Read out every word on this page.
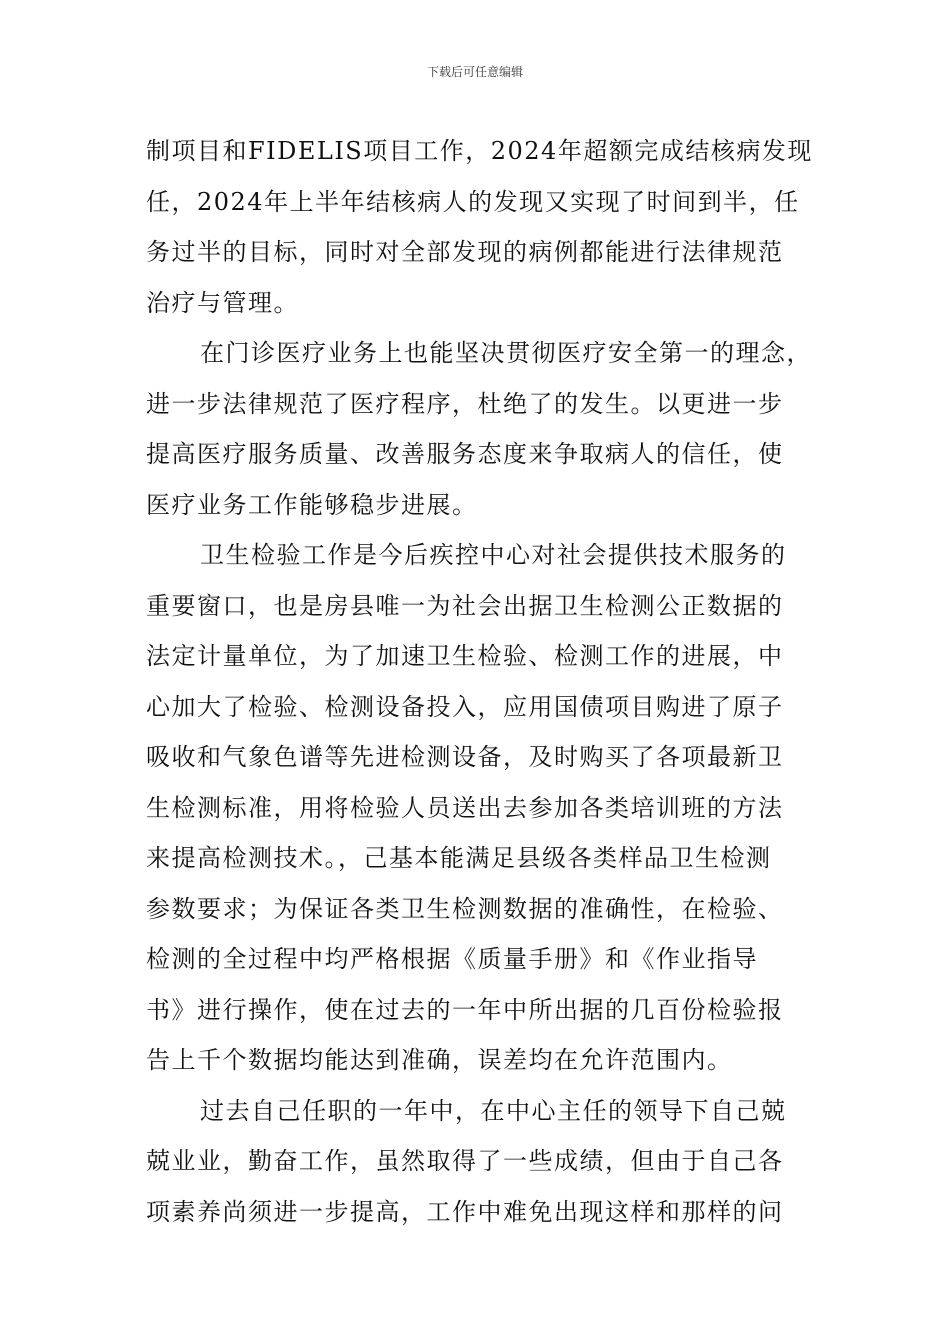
下载后可任意编辑
制项目和FIDELIS项目工作，2024年超额完成结核病发现
任，2024年上半年结核病人的发现又实现了时间到半，任
务过半的目标，同时对全部发现的病例都能进行法律规范
治疗与管理。
在门诊医疗业务上也能坚决贯彻医疗安全第一的理念，
进一步法律规范了医疗程序，杜绝了的发生。以更进一步
提高医疗服务质量、改善服务态度来争取病人的信任，使
医疗业务工作能够稳步进展。
卫生检验工作是今后疾控中心对社会提供技术服务的
重要窗口，也是房县唯一为社会出据卫生检测公正数据的
法定计量单位，为了加速卫生检验、检测工作的进展，中
心加大了检验、检测设备投入，应用国债项目购进了原子
吸收和气象色谱等先进检测设备，及时购买了各项最新卫
生检测标准，用将检验人员送出去参加各类培训班的方法
来提高检测技术。，己基本能满足县级各类样品卫生检测
参数要求；为保证各类卫生检测数据的准确性，在检验、
检测的全过程中均严格根据《质量手册》和《作业指导
书》进行操作，使在过去的一年中所出据的几百份检验报
告上千个数据均能达到准确，误差均在允许范围内。
过去自己任职的一年中，在中心主任的领导下自己兢
兢业业，勤奋工作，虽然取得了一些成绩，但由于自己各
项素养尚须进一步提高，工作中难免出现这样和那样的问
